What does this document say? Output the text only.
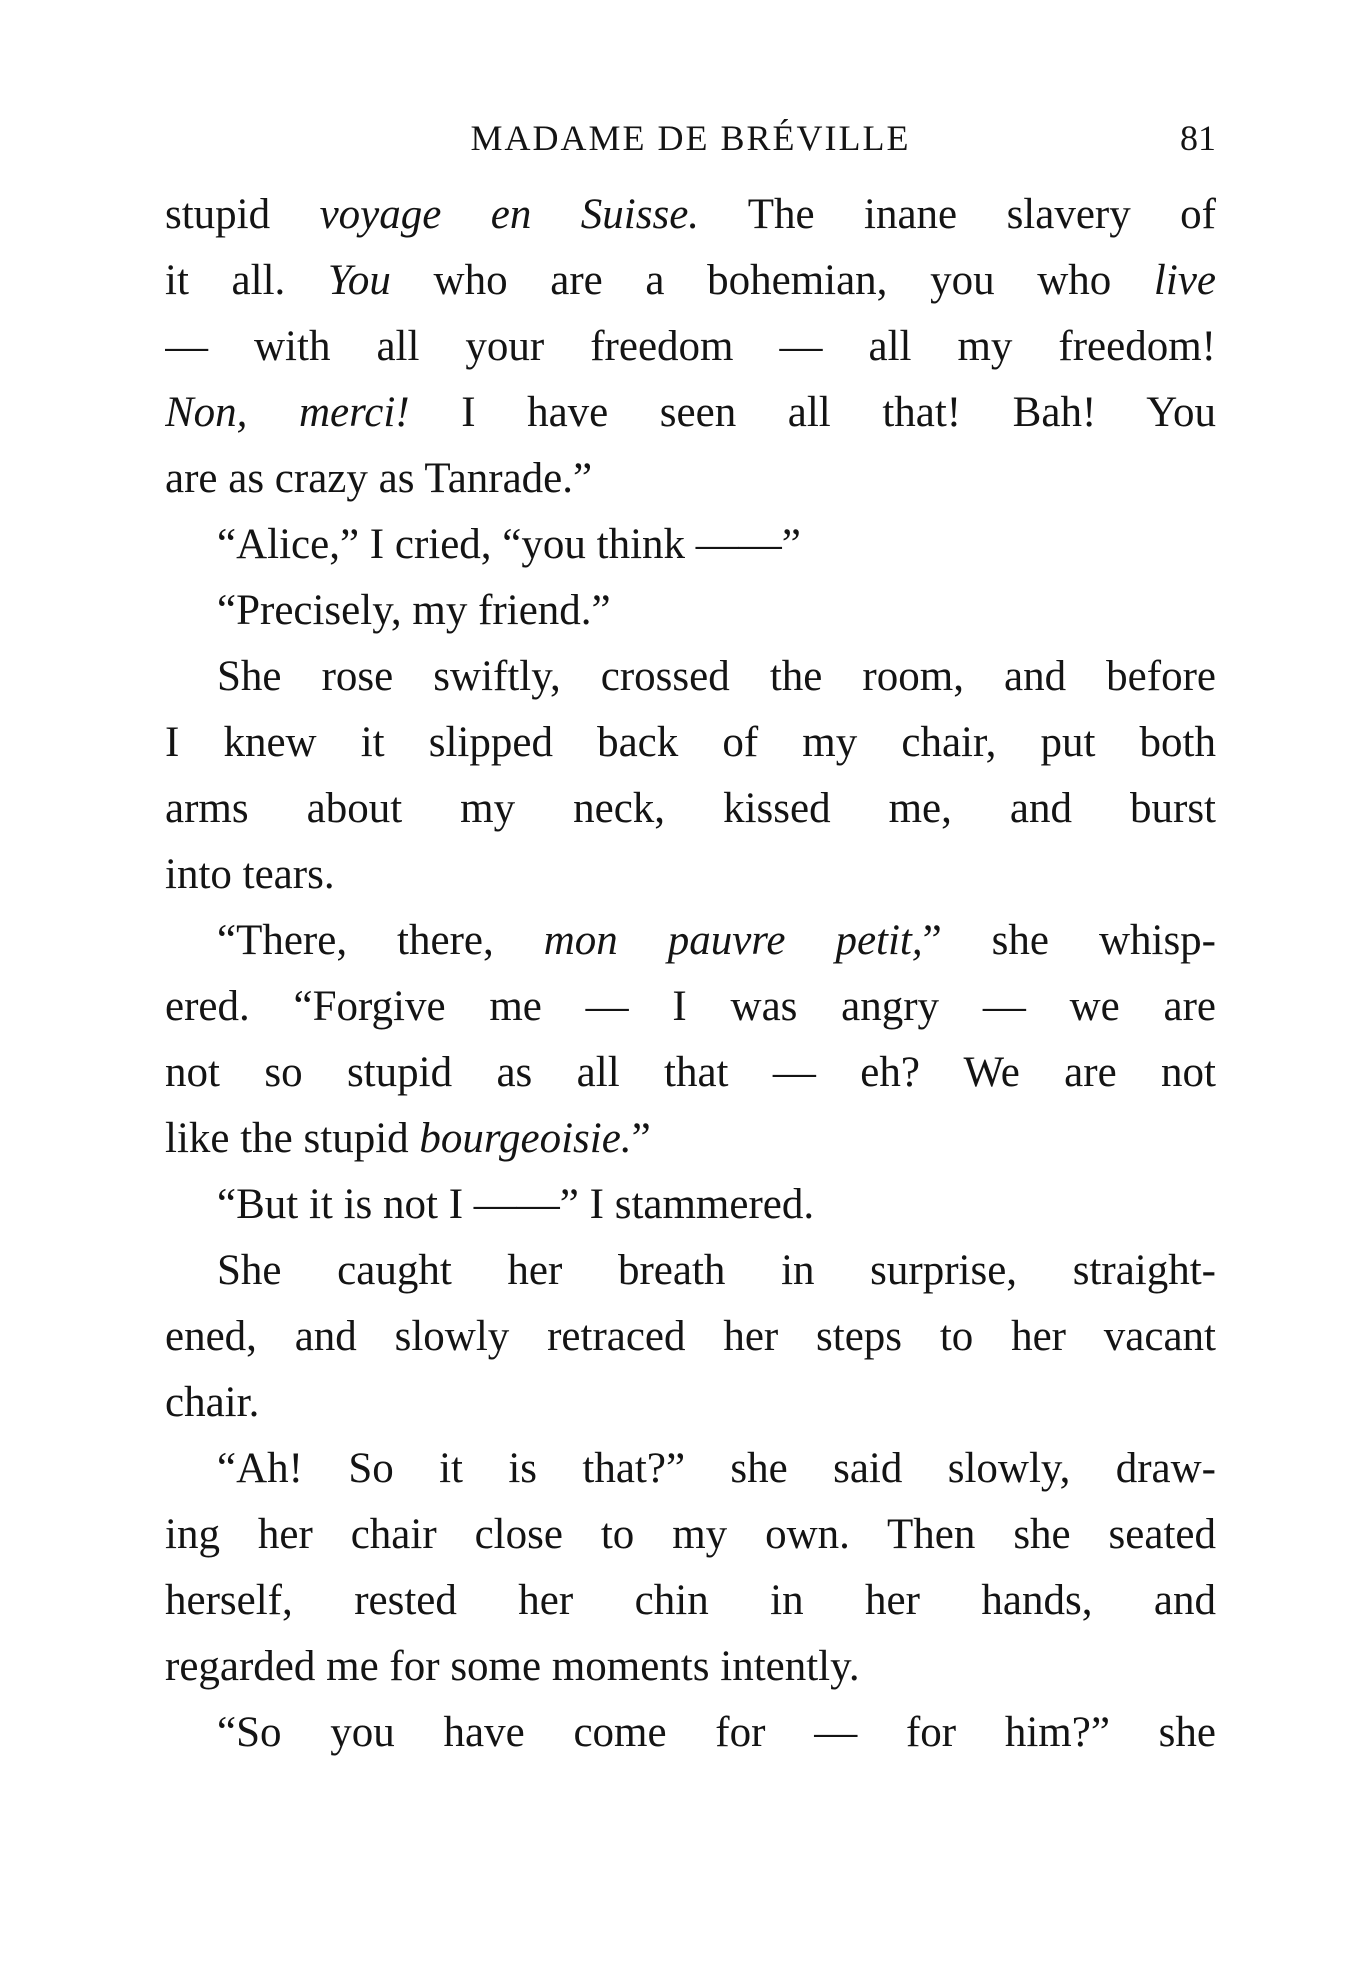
MADAME DE BRÉVILLE	81
stupid voyage en Suisse. The inane slavery of
it all. You who are a bohemian, you who live
— with all your freedom — all my freedom!
Non, merci! I have seen all that! Bah! You
are as crazy as Tanrade.”
“Alice,” I cried, “you think ——”
“Precisely, my friend.”
She rose swiftly, crossed the room, and before
I knew it slipped back of my chair, put both
arms about my neck, kissed me, and burst
into tears.
“There, there, mon pauvre petit,” she whisp-
ered. “Forgive me — I was angry — we are
not so stupid as all that — eh? We are not
like the stupid bourgeoisie.”
“But it is not I ——” I stammered.
She caught her breath in surprise, straight-
ened, and slowly retraced her steps to her vacant
chair.
“Ah! So it is that?” she said slowly, draw-
ing her chair close to my own. Then she seated
herself, rested her chin in her hands, and
regarded me for some moments intently.
“So you have come for — for him?” she
